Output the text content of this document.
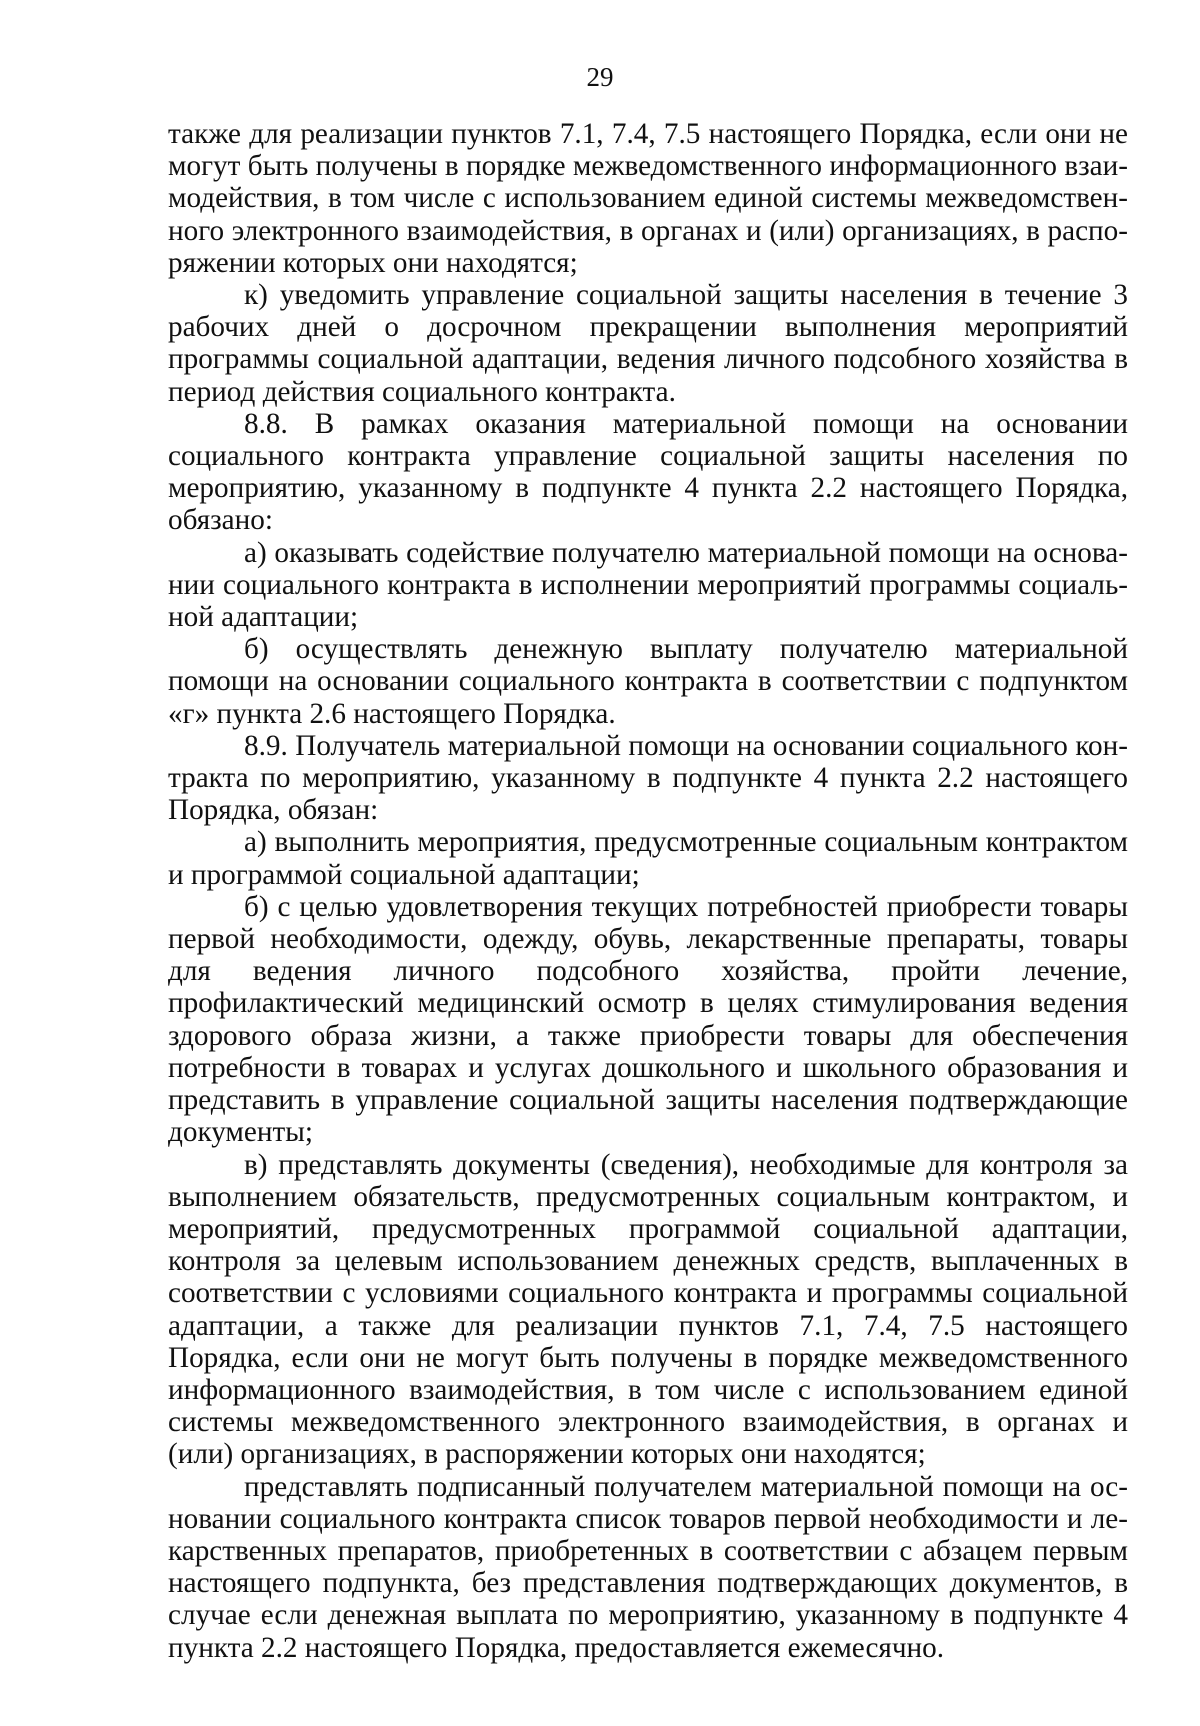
29

также для реализации пунктов 7.1, 7.4, 7.5 настоящего Порядка, если они не могут быть получены в порядке межведомственного информационного взаимодействия, в том числе с использованием единой системы межведомственного электронного взаимодействия, в органах и (или) организациях, в распоряжении которых они находятся;

к) уведомить управление социальной защиты населения в течение 3 рабочих дней о досрочном прекращении выполнения мероприятий программы социальной адаптации, ведения личного подсобного хозяйства в период действия социального контракта.

8.8. В рамках оказания материальной помощи на основании социального контракта управление социальной защиты населения по мероприятию, указанному в подпункте 4 пункта 2.2 настоящего Порядка, обязано:

а) оказывать содействие получателю материальной помощи на основании социального контракта в исполнении мероприятий программы социальной адаптации;

б) осуществлять денежную выплату получателю материальной помощи на основании социального контракта в соответствии с подпунктом «г» пункта 2.6 настоящего Порядка.

8.9. Получатель материальной помощи на основании социального контракта по мероприятию, указанному в подпункте 4 пункта 2.2 настоящего Порядка, обязан:

а) выполнить мероприятия, предусмотренные социальным контрактом и программой социальной адаптации;

б) с целью удовлетворения текущих потребностей приобрести товары первой необходимости, одежду, обувь, лекарственные препараты, товары для ведения личного подсобного хозяйства, пройти лечение, профилактический медицинский осмотр в целях стимулирования ведения здорового образа жизни, а также приобрести товары для обеспечения потребности в товарах и услугах дошкольного и школьного образования и представить в управление социальной защиты населения подтверждающие документы;

в) представлять документы (сведения), необходимые для контроля за выполнением обязательств, предусмотренных социальным контрактом, и мероприятий, предусмотренных программой социальной адаптации, контроля за целевым использованием денежных средств, выплаченных в соответствии с условиями социального контракта и программы социальной адаптации, а также для реализации пунктов 7.1, 7.4, 7.5 настоящего Порядка, если они не могут быть получены в порядке межведомственного информационного взаимодействия, в том числе с использованием единой системы межведомственного электронного взаимодействия, в органах и (или) организациях, в распоряжении которых они находятся;

представлять подписанный получателем материальной помощи на основании социального контракта список товаров первой необходимости и лекарственных препаратов, приобретенных в соответствии с абзацем первым настоящего подпункта, без представления подтверждающих документов, в случае если денежная выплата по мероприятию, указанному в подпункте 4 пункта 2.2 настоящего Порядка, предоставляется ежемесячно.
